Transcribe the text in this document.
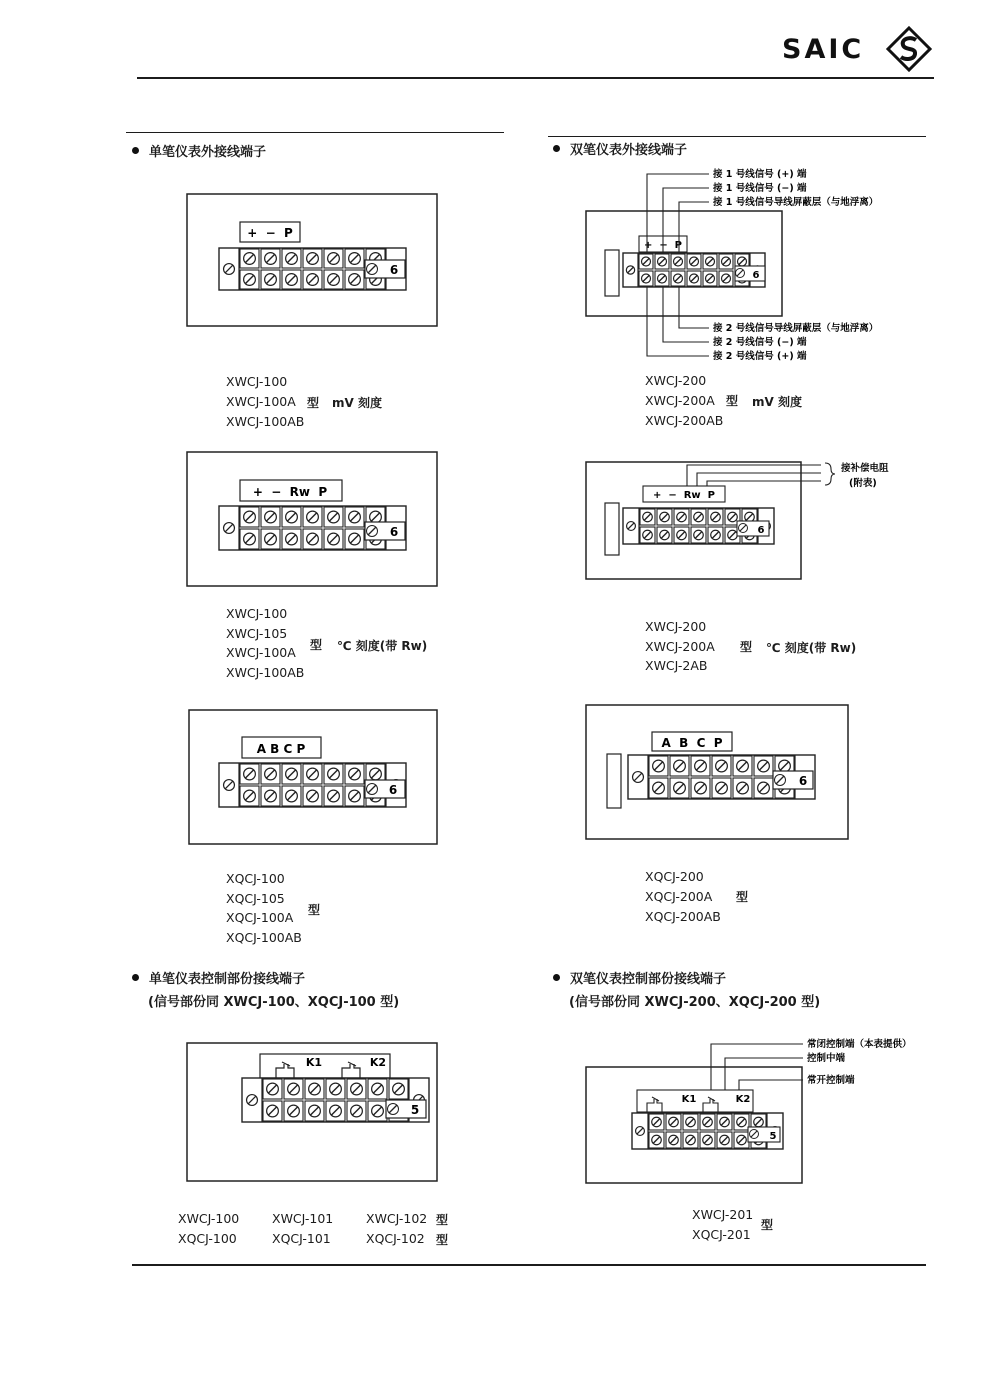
SAIC
单笔仪表外接线端子
+  −  P
6
XWCJ-100
XWCJ-100A
XWCJ-100AB
型 mV 刻度
+  −  Rw  P
6
XWCJ-100
XWCJ-105
XWCJ-100A
XWCJ-100AB
型 ℃ 刻度(带 Rw)
A B C P
6
XQCJ-100
XQCJ-105
XQCJ-100A
XQCJ-100AB
型
单笔仪表控制部份接线端子
(信号部份同 XWCJ-100、XQCJ-100 型)
K1	K2
5
XWCJ-100	XWCJ-101	XWCJ-102 型
XQCJ-100	XQCJ-101	XQCJ-102 型
双笔仪表外接线端子
+  −  P
6
接 1 号线信号 (+) 端
接 1 号线信号 (−) 端
接 1 号线信号导线屏蔽层（与地浮离）
接 2 号线信号导线屏蔽层（与地浮离）
接 2 号线信号 (−) 端
接 2 号线信号 (+) 端
XWCJ-200
XWCJ-200A
XWCJ-200AB
型 mV 刻度
+  −  Rw  P
6
接补偿电阻
(附表)
XWCJ-200
XWCJ-200A
XWCJ-2AB
型 ℃ 刻度(带 Rw)
A  B  C  P
6
XQCJ-200
XQCJ-200A
XQCJ-200AB
型
双笔仪表控制部份接线端子
(信号部份同 XWCJ-200、XQCJ-200 型)
K1	K2
5
常闭控制端（本表提供）
控制中端
常开控制端
XWCJ-201
XQCJ-201
型
